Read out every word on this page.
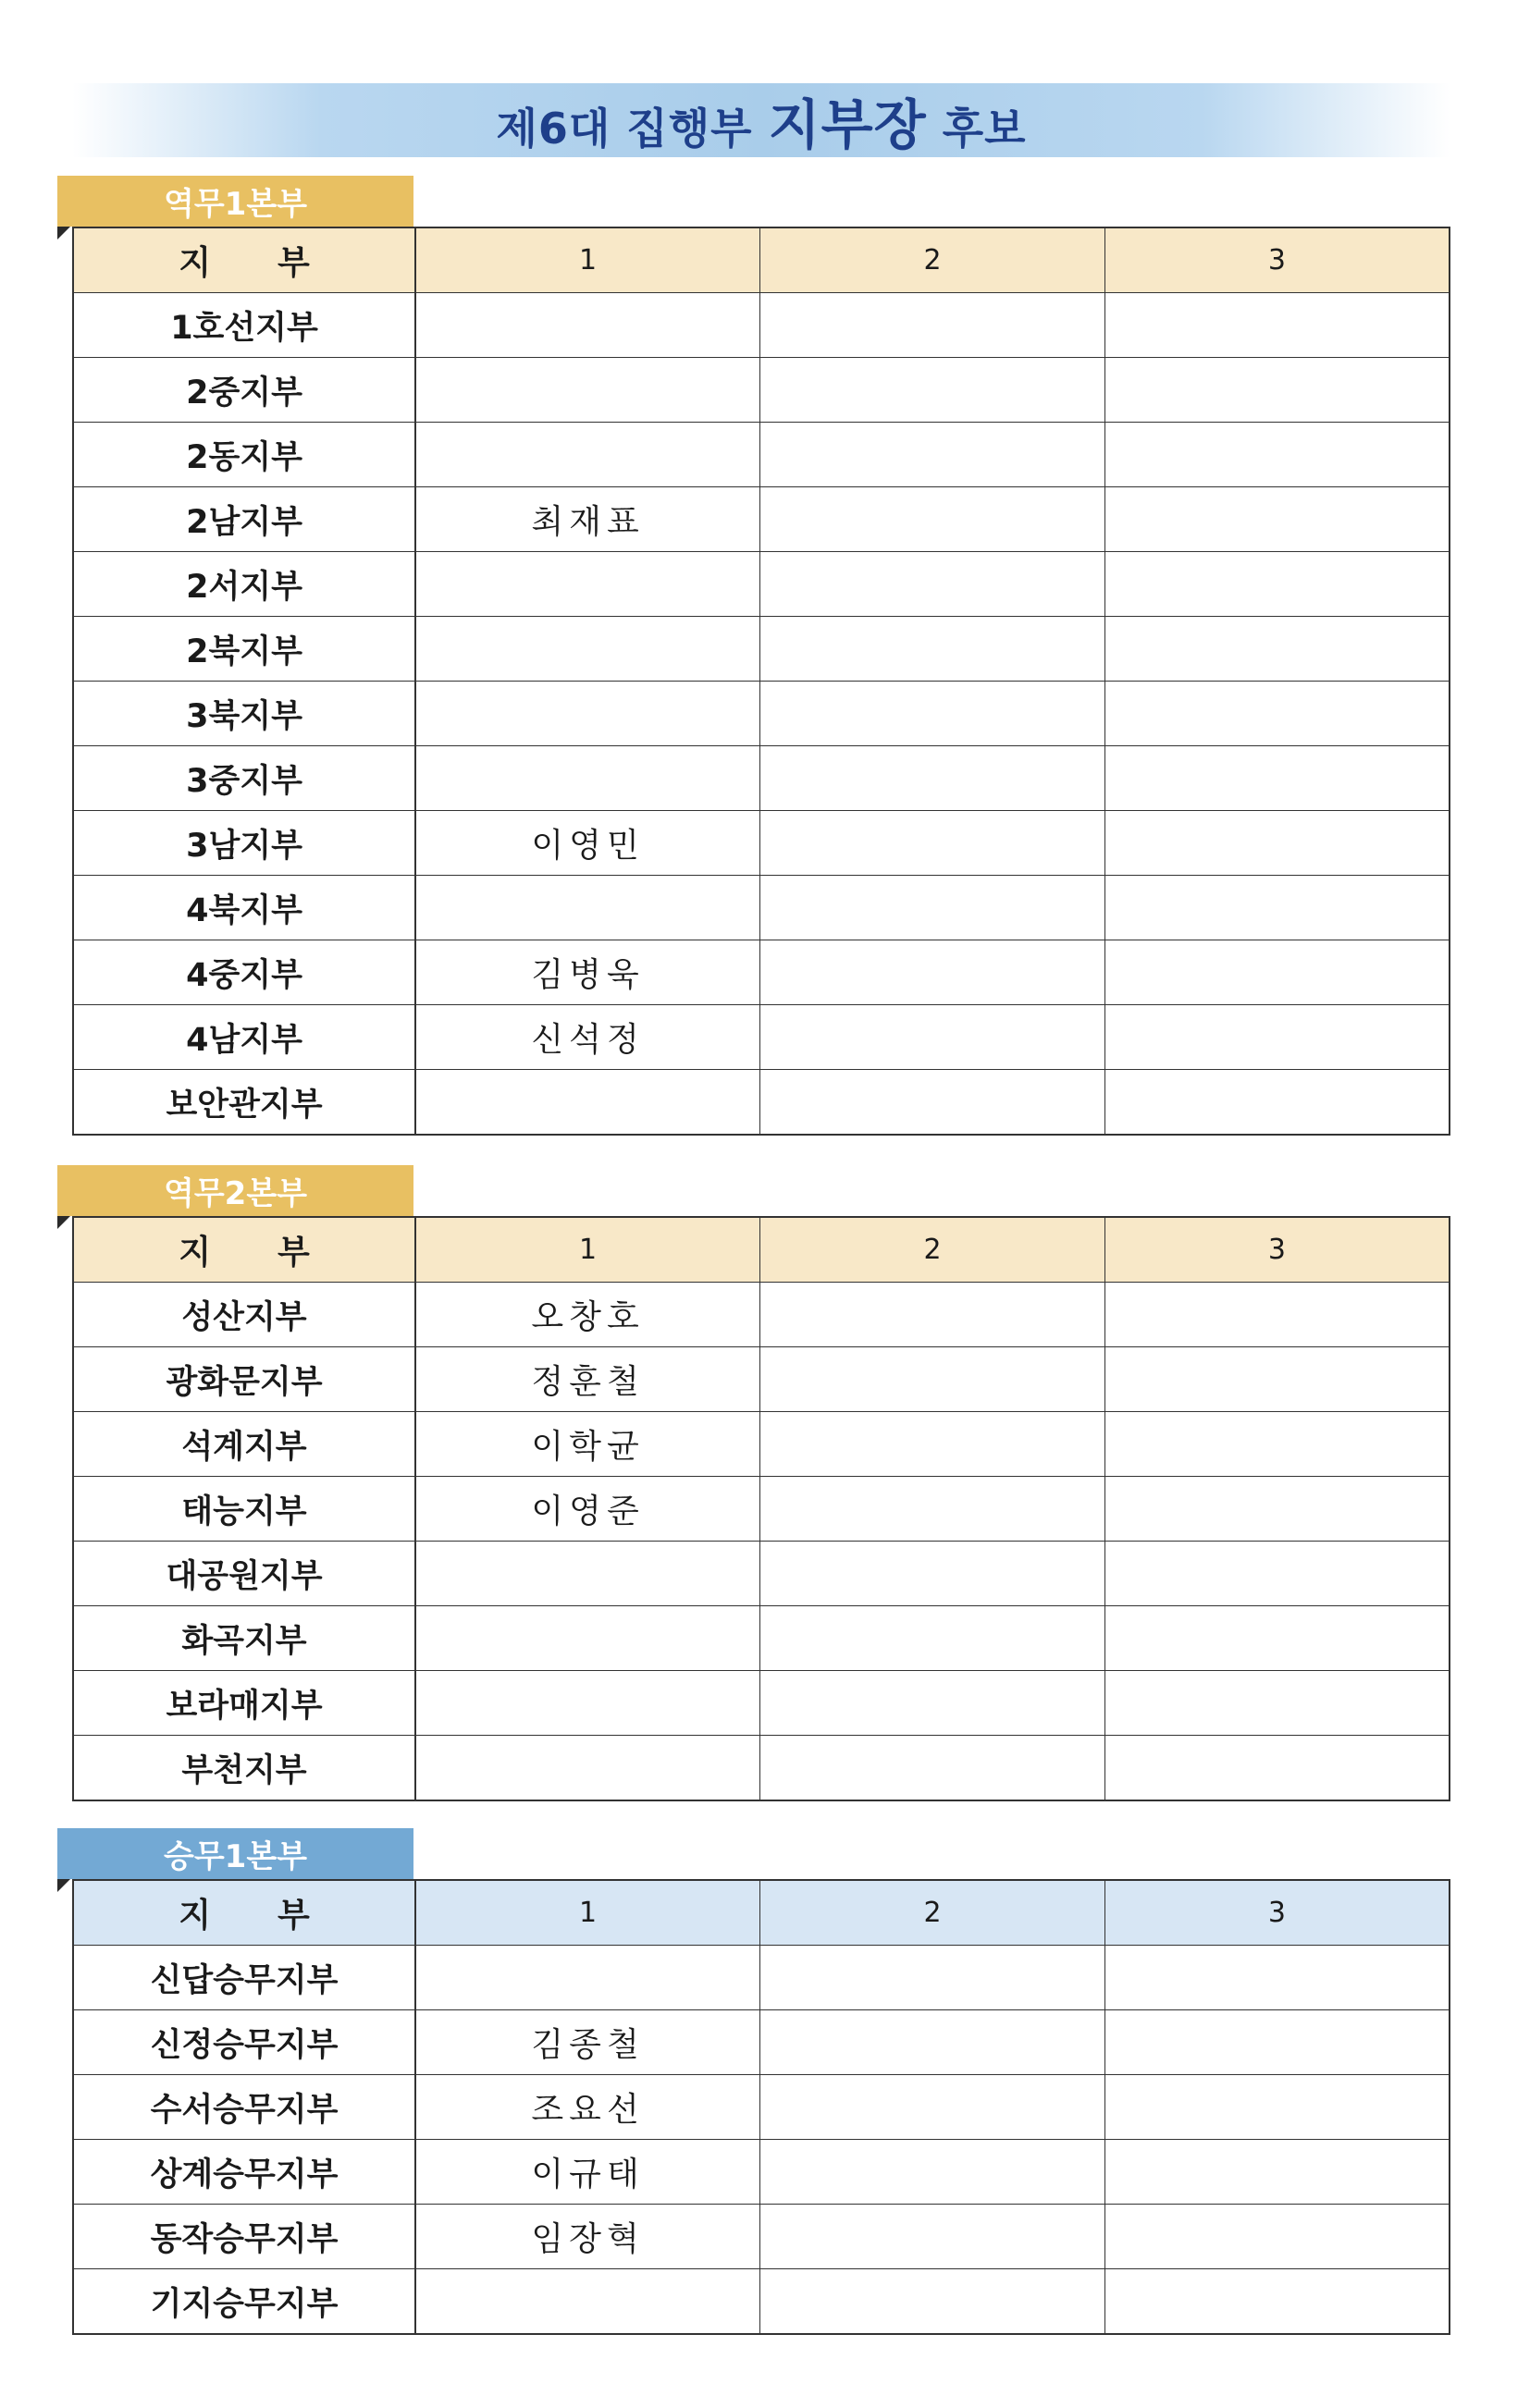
제6대 집행부 지부장 후보
역무1본부
지　　부	1	2	3
1호선지부			
2중지부			
2동지부			
2남지부	최재표		
2서지부			
2북지부			
3북지부			
3중지부			
3남지부	이영민		
4북지부			
4중지부	김병욱		
4남지부	신석정		
보안관지부			
역무2본부
지　　부	1	2	3
성산지부	오창호		
광화문지부	정훈철		
석계지부	이학균		
태능지부	이영준		
대공원지부			
화곡지부			
보라매지부			
부천지부			
승무1본부
지　　부	1	2	3
신답승무지부			
신정승무지부	김종철		
수서승무지부	조요선		
상계승무지부	이규태		
동작승무지부	임장혁		
기지승무지부			
